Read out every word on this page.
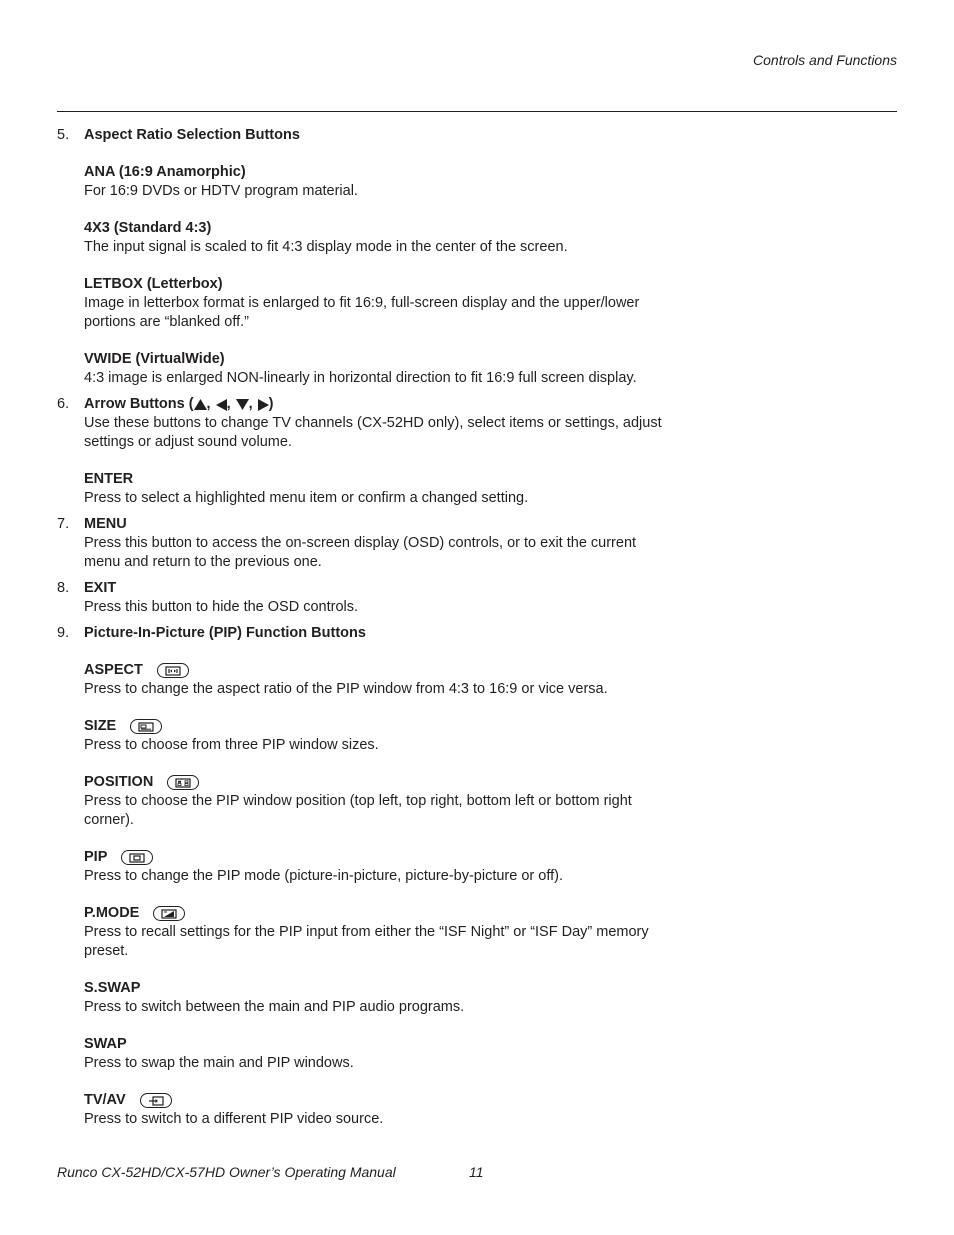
Controls and Functions
5. Aspect Ratio Selection Buttons
ANA (16:9 Anamorphic)
For 16:9 DVDs or HDTV program material.
4X3 (Standard 4:3)
The input signal is scaled to fit 4:3 display mode in the center of the screen.
LETBOX (Letterbox)
Image in letterbox format is enlarged to fit 16:9, full-screen display and the upper/lower portions are “blanked off.”
VWIDE (VirtualWide)
4:3 image is enlarged NON-linearly in horizontal direction to fit 16:9 full screen display.
6. Arrow Buttons ( , , , )
Use these buttons to change TV channels (CX-52HD only), select items or settings, adjust settings or adjust sound volume.
ENTER
Press to select a highlighted menu item or confirm a changed setting.
7. MENU
Press this button to access the on-screen display (OSD) controls, or to exit the current menu and return to the previous one.
8. EXIT
Press this button to hide the OSD controls.
9. Picture-In-Picture (PIP) Function Buttons
ASPECT
Press to change the aspect ratio of the PIP window from 4:3 to 16:9 or vice versa.
SIZE
Press to choose from three PIP window sizes.
POSITION
Press to choose the PIP window position (top left, top right, bottom left or bottom right corner).
PIP
Press to change the PIP mode (picture-in-picture, picture-by-picture or off).
P.MODE
Press to recall settings for the PIP input from either the “ISF Night” or “ISF Day” memory preset.
S.SWAP
Press to switch between the main and PIP audio programs.
SWAP
Press to swap the main and PIP windows.
TV/AV
Press to switch to a different PIP video source.
Runco CX-52HD/CX-57HD Owner’s Operating Manual	11
